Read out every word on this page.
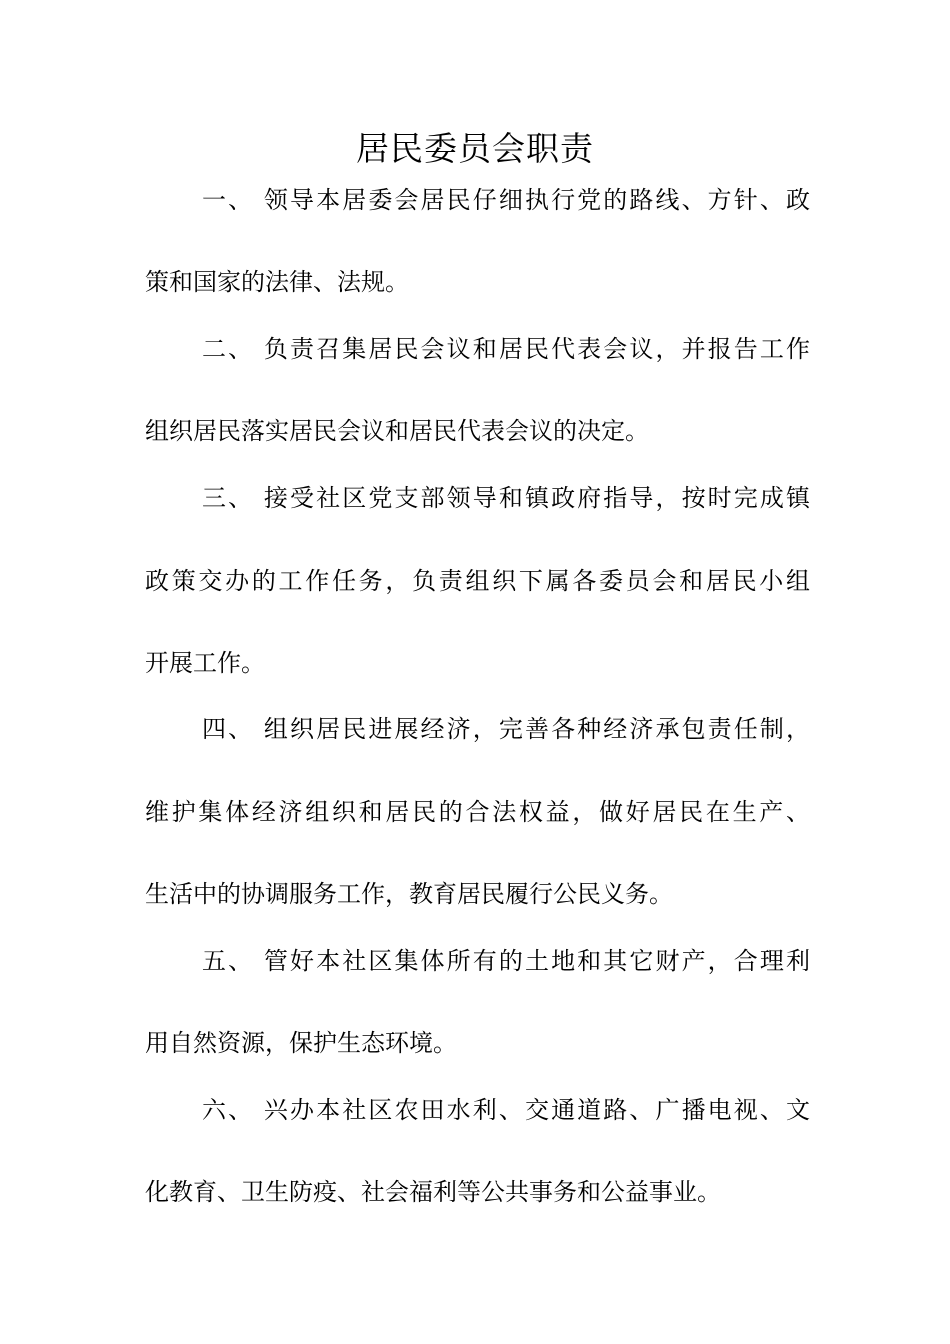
居民委员会职责
一、 领导本居委会居民仔细执行党的路线、方针、政
策和国家的法律、法规。
二、 负责召集居民会议和居民代表会议，并报告工作
组织居民落实居民会议和居民代表会议的决定。
三、 接受社区党支部领导和镇政府指导，按时完成镇
政策交办的工作任务，负责组织下属各委员会和居民小组
开展工作。
四、 组织居民进展经济，完善各种经济承包责任制，
维护集体经济组织和居民的合法权益，做好居民在生产、
生活中的协调服务工作，教育居民履行公民义务。
五、 管好本社区集体所有的土地和其它财产，合理利
用自然资源，保护生态环境。
六、 兴办本社区农田水利、交通道路、广播电视、文
化教育、卫生防疫、社会福利等公共事务和公益事业。
